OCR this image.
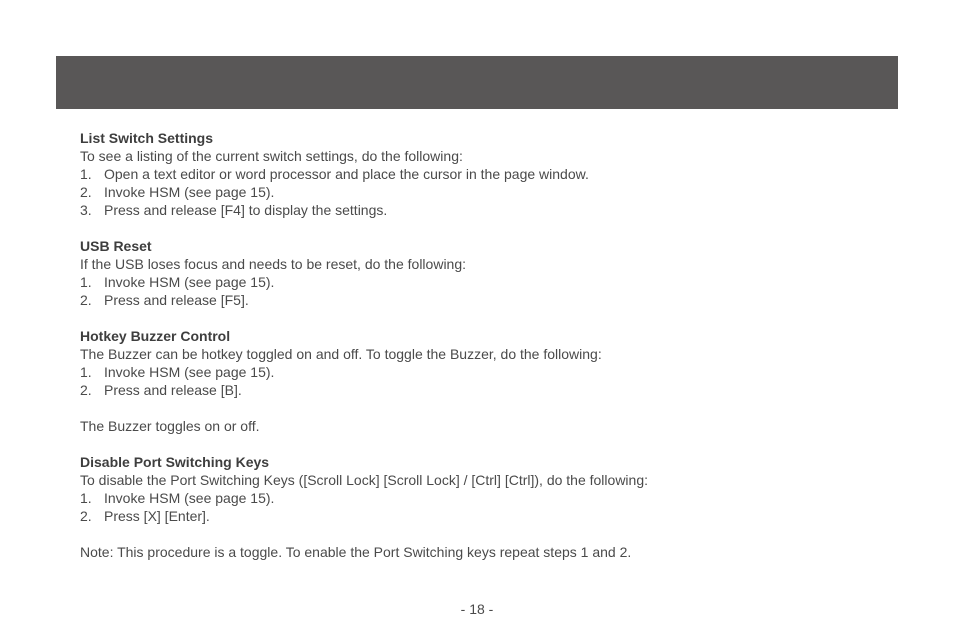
List Switch Settings
To see a listing of the current switch settings, do the following:
1. Open a text editor or word processor and place the cursor in the page window.
2. Invoke HSM (see page 15).
3. Press and release [F4] to display the settings.
USB Reset
If the USB loses focus and needs to be reset, do the following:
1. Invoke HSM (see page 15).
2. Press and release [F5].
Hotkey Buzzer Control
The Buzzer can be hotkey toggled on and off. To toggle the Buzzer, do the following:
1. Invoke HSM (see page 15).
2. Press and release [B].
The Buzzer toggles on or off.
Disable Port Switching Keys
To disable the Port Switching Keys ([Scroll Lock] [Scroll Lock] / [Ctrl] [Ctrl]), do the following:
1. Invoke HSM (see page 15).
2. Press [X] [Enter].
Note: This procedure is a toggle. To enable the Port Switching keys repeat steps 1 and 2.
- 18 -
